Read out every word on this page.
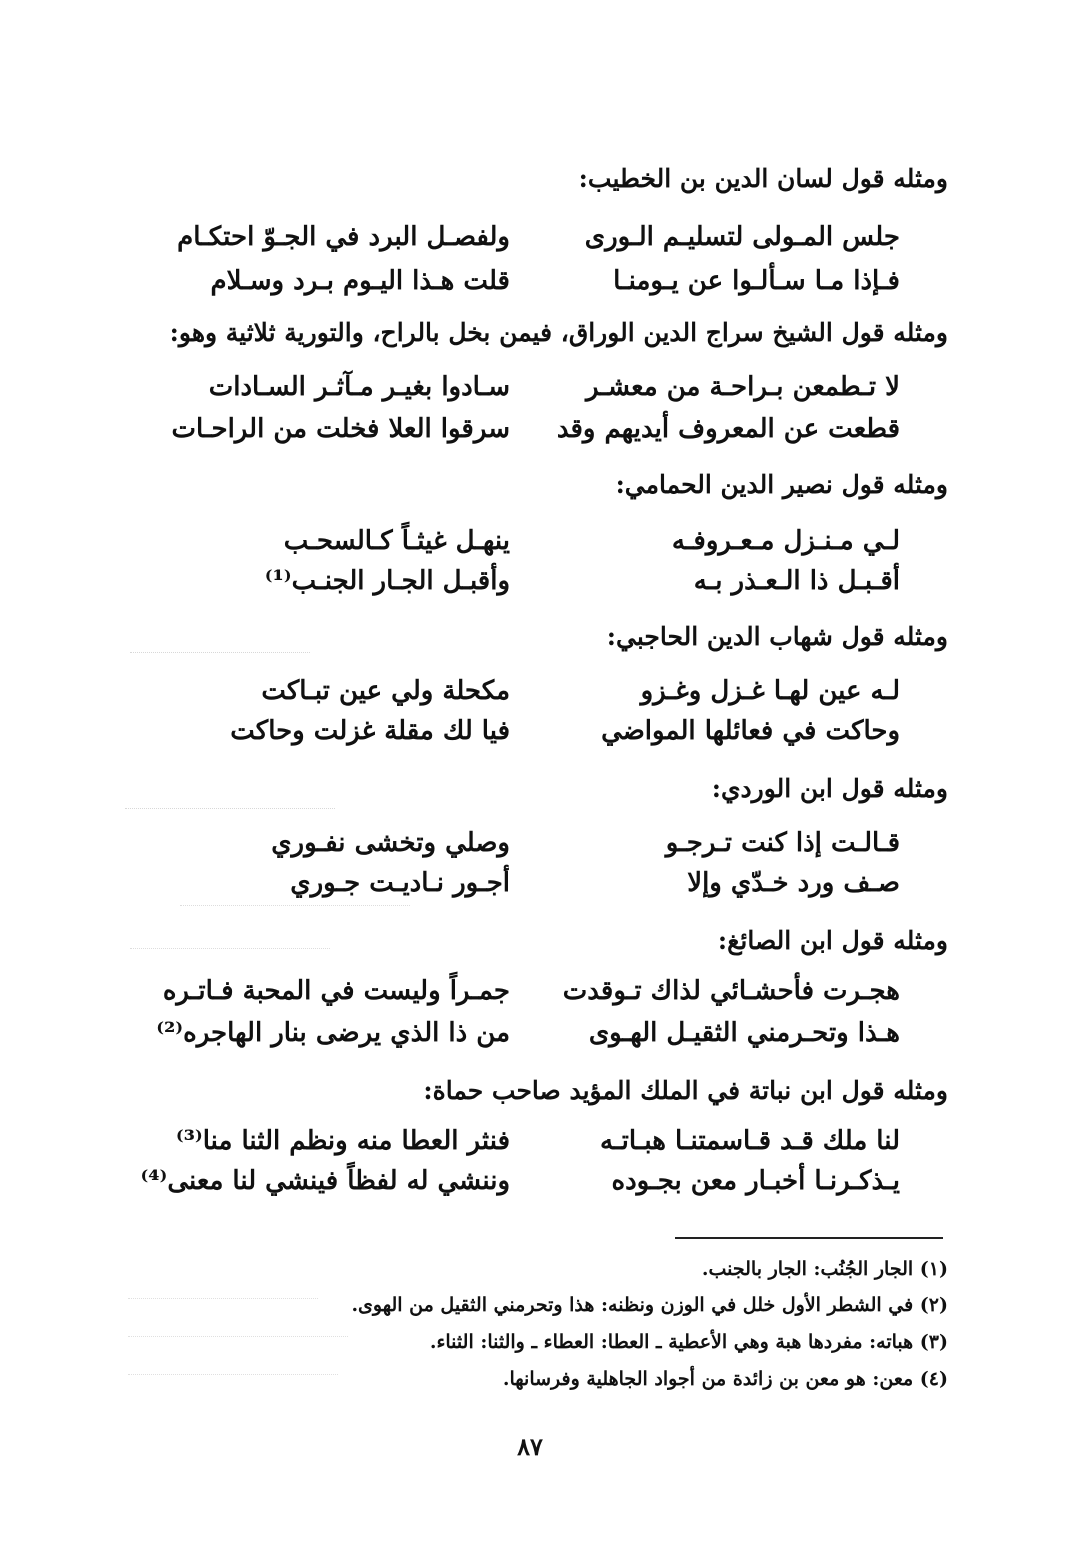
ومثله قول لسان الدين بن الخطيب:
جلس المـولى لتسليـم الـورى
ولفصـل البرد في الجـوّ احتكـام
فـإذا مـا سـألـوا عن يـومنـا
قلت هـذا اليـوم بـرد وسـلام
ومثله قول الشيخ سراج الدين الوراق، فيمن بخل بالراح، والتورية ثلاثية وهو:
لا تـطمعن بـراحـة من معشـر
سـادوا بغيـر مـآثـر السـادات
قطعت عن المعروف أيديهم وقد
سرقوا العلا فخلت من الراحـات
ومثله قول نصير الدين الحمامي:
لـي مـنـزل مـعـروفـه
ينهـل غيثـاً كـالسحـب
أقـبـل ذا الـعـذر بـه
وأقبـل الجـار الجنـب⁽¹⁾
ومثله قول شهاب الدين الحاجبي:
لـه عين لهـا غـزل وغـزو
مكحلة ولي عين تبـاكت
وحاكت في فعائلها المواضي
فيا لك مقلة غزلت وحاكت
ومثله قول ابن الوردي:
قـالـت إذا كنت تـرجـو
وصلي وتخشى نفـوري
صـف ورد خـدّي وإلا
أجـور نـاديـت جـوري
ومثله قول ابن الصائغ:
هجـرت فأحشـائي لذاك تـوقدت
جمـراً وليست في المحبة فـاتـره
هـذا وتحـرمني الثقيـل الهـوى
من ذا الذي يرضى بنار الهاجره⁽²⁾
ومثله قول ابن نباتة في الملك المؤيد صاحب حماة:
لنا ملك قـد قـاسمتنـا هبـاتـه
فنثر العطا منه ونظم الثنا منا⁽³⁾
يـذكـرنـا أخبـار معن بجـوده
وننشي له لفظاً فينشي لنا معنى⁽⁴⁾
(١) الجار الجُنُب: الجار بالجنب.
(٢) في الشطر الأول خلل في الوزن ونظنه: هذا وتحرمني الثقيل من الهوى.
(٣) هباته: مفردها هبة وهي الأعطية ـ العطا: العطاء ـ والثنا: الثناء.
(٤) معن: هو معن بن زائدة من أجواد الجاهلية وفرسانها.
٨٧
